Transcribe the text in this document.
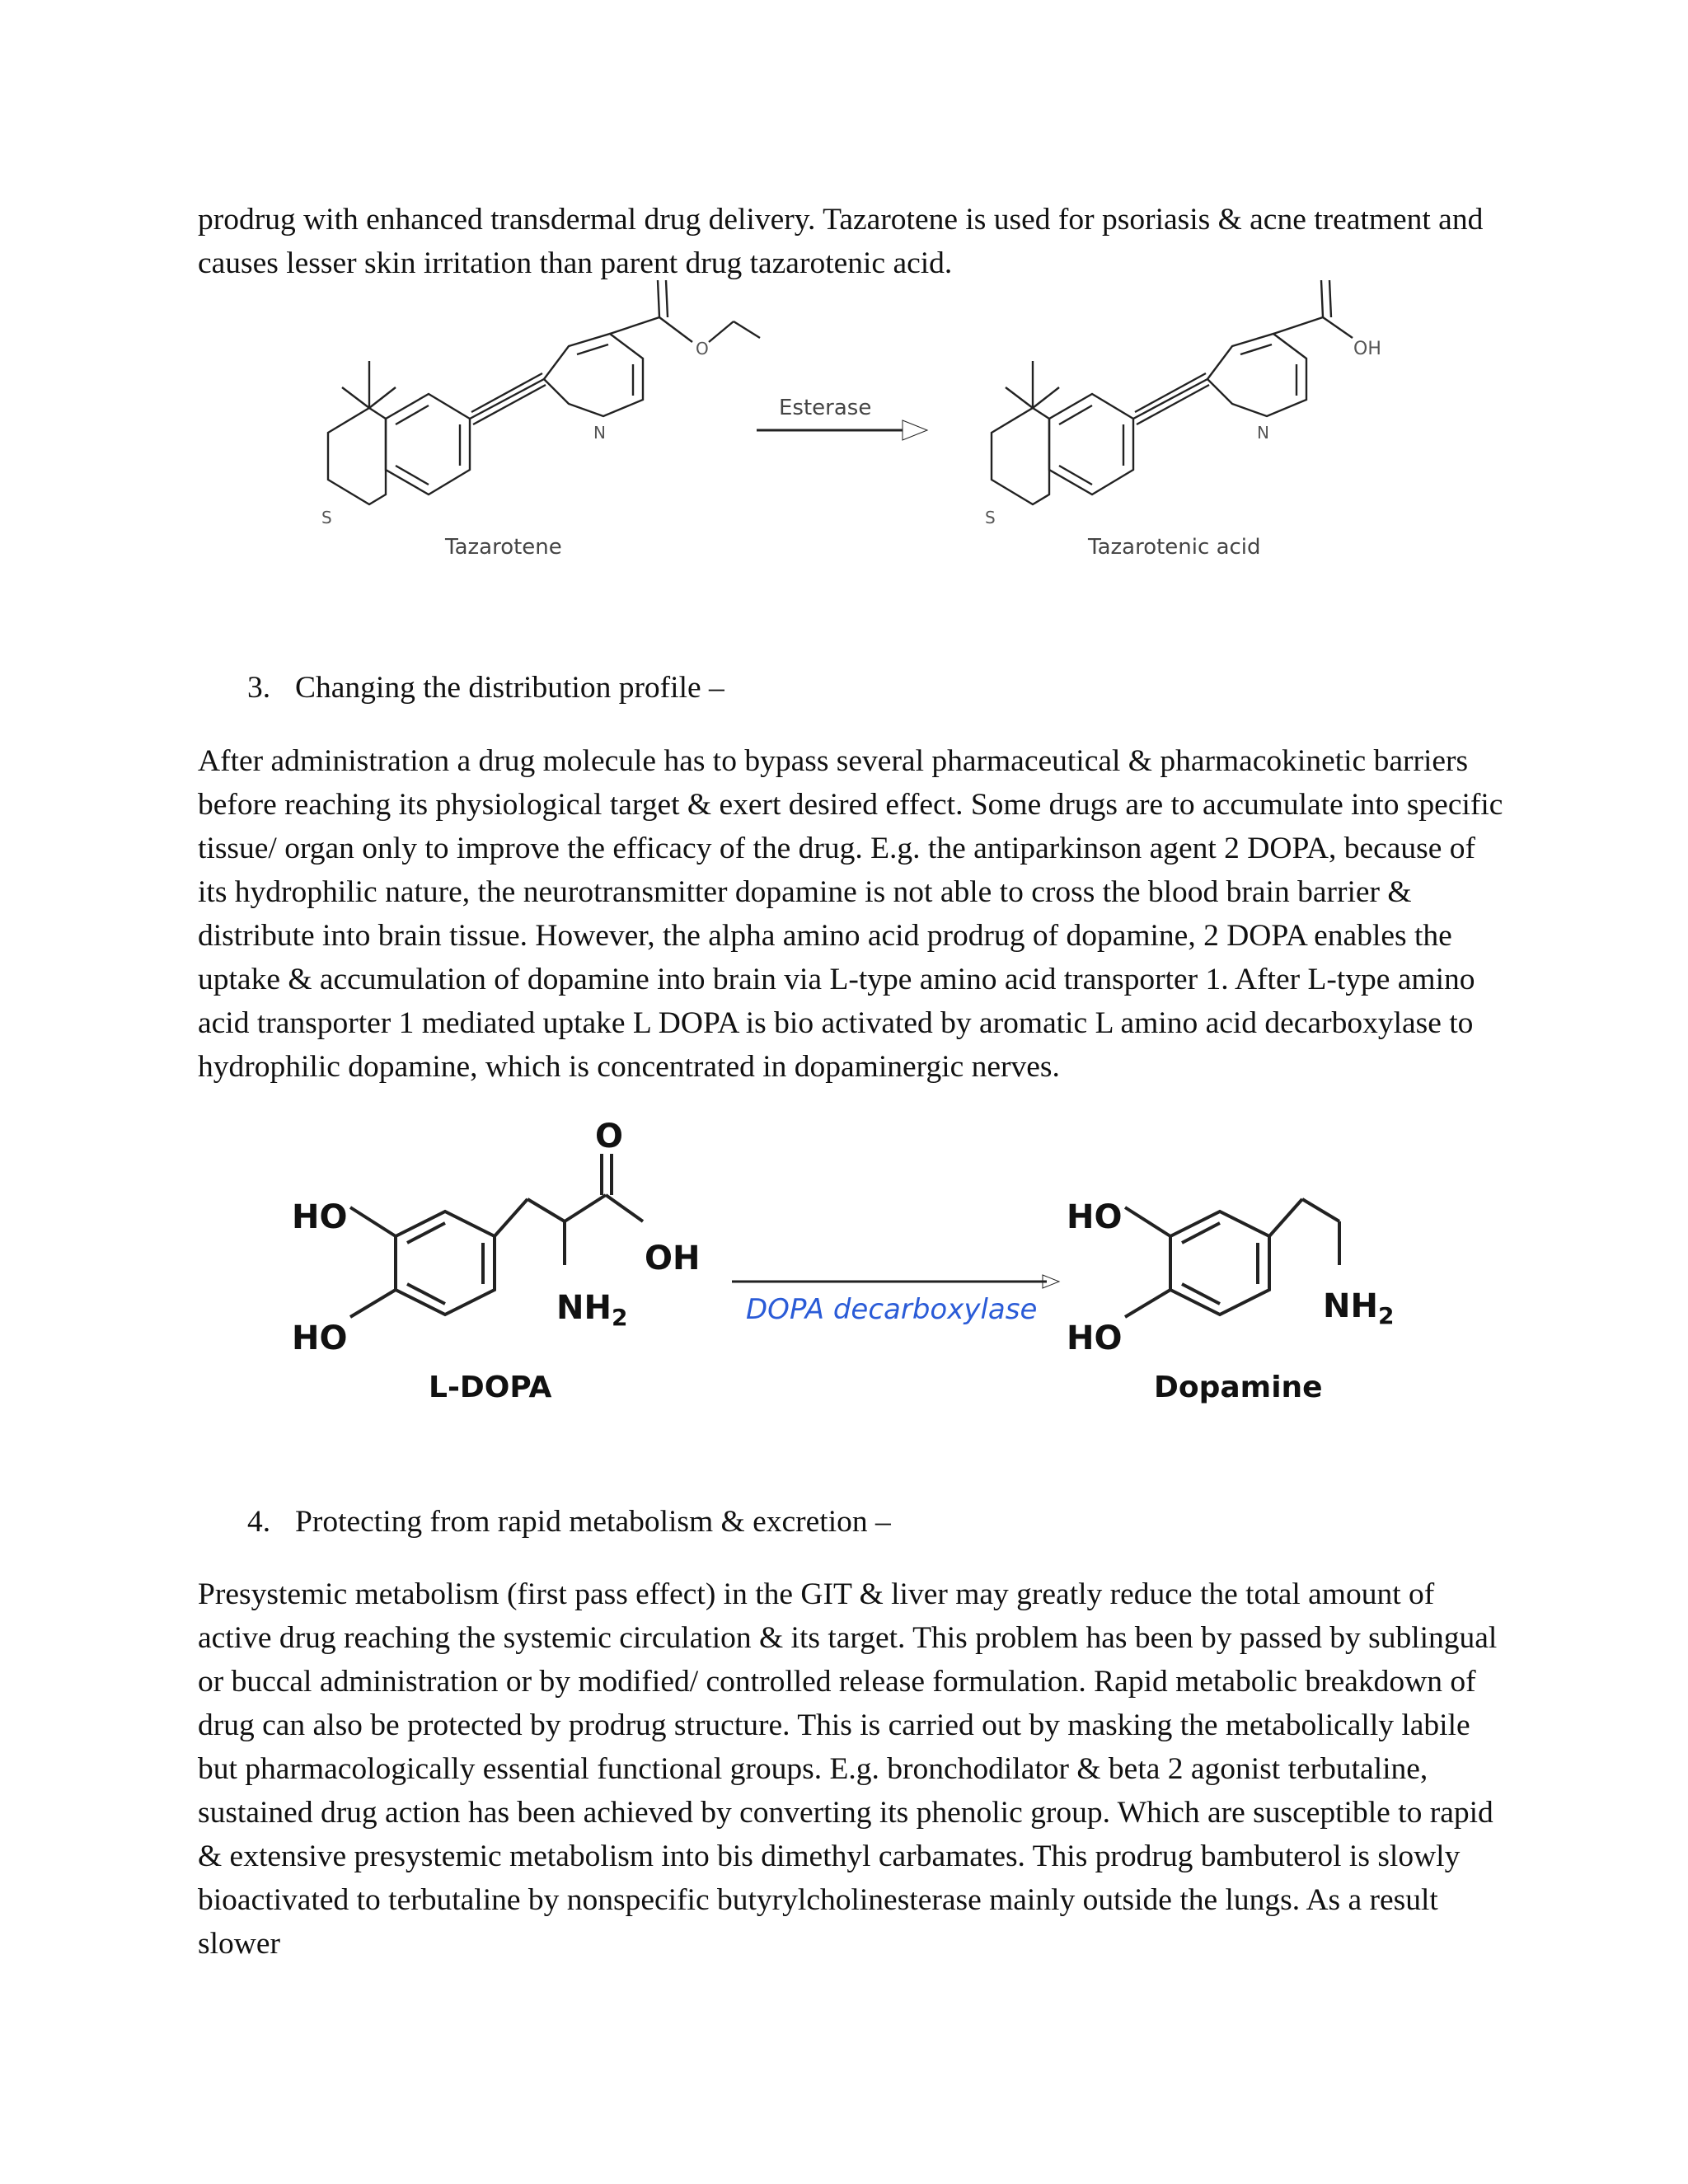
prodrug with enhanced transdermal drug delivery. Tazarotene is used for psoriasis & acne treatment and causes lesser skin irritation than parent drug tazarotenic acid.

S
N
O
Tazarotene
Esterase
S
N
OH
Tazarotenic acid
3. Changing the distribution profile –

After administration a drug molecule has to bypass several pharmaceutical & pharmacokinetic barriers before reaching its physiological target & exert desired effect. Some drugs are to accumulate into specific tissue/ organ only to improve the efficacy of the drug. E.g. the antiparkinson agent 2 DOPA, because of its hydrophilic nature, the neurotransmitter dopamine is not able to cross the blood brain barrier & distribute into brain tissue. However, the alpha amino acid prodrug of dopamine, 2 DOPA enables the uptake & accumulation of dopamine into brain via L-type amino acid transporter 1. After L-type amino acid transporter 1 mediated uptake L DOPA is bio activated by aromatic L amino acid decarboxylase to hydrophilic dopamine, which is concentrated in dopaminergic nerves.

HO
HO
OH
O
$NH_2$
L-DOPA
DOPA decarboxylase
HO
HO
$NH_2$
Dopamine
4. Protecting from rapid metabolism & excretion –

Presystemic metabolism (first pass effect) in the GIT & liver may greatly reduce the total amount of active drug reaching the systemic circulation & its target. This problem has been by passed by sublingual or buccal administration or by modified/ controlled release formulation. Rapid metabolic breakdown of drug can also be protected by prodrug structure. This is carried out by masking the metabolically labile but pharmacologically essential functional groups. E.g. bronchodilator & beta 2 agonist terbutaline, sustained drug action has been achieved by converting its phenolic group. Which are susceptible to rapid & extensive presystemic metabolism into bis dimethyl carbamates. This prodrug bambuterol is slowly bioactivated to terbutaline by nonspecific butyrylcholinesterase mainly outside the lungs. As a result slower
